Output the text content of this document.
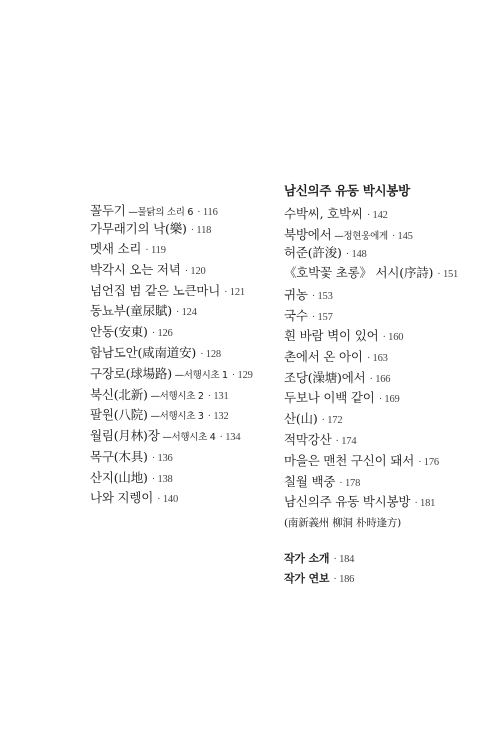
꼴두기 —물닭의 소리 6 · 116
가무래기의 낙(樂) · 118
멧새 소리 · 119
박각시 오는 저녁 · 120
넘언집 범 같은 노큰마니 · 121
동뇨부(童尿賦) · 124
안동(安東) · 126
함남도안(咸南道安) · 128
구장로(球場路) —서행시초 1 · 129
북신(北新) —서행시초 2 · 131
팔원(八院) —서행시초 3 · 132
월림(月林)장 —서행시초 4 · 134
목구(木具) · 136
산지(山地) · 138
나와 지렝이 · 140
남신의주 유동 박시봉방
수박씨, 호박씨 · 142
북방에서 —정현웅에게 · 145
허준(許浚) · 148
《호박꽃 초롱》 서시(序詩) · 151
귀농 · 153
국수 · 157
흰 바람 벽이 있어 · 160
촌에서 온 아이 · 163
조당(澡塘)에서 · 166
두보나 이백 같이 · 169
산(山) · 172
적막강산 · 174
마을은 맨천 구신이 돼서 · 176
칠월 백중 · 178
남신의주 유동 박시봉방 · 181
(南新義州 柳洞 朴時逢方)
작가 소개 · 184
작가 연보 · 186
